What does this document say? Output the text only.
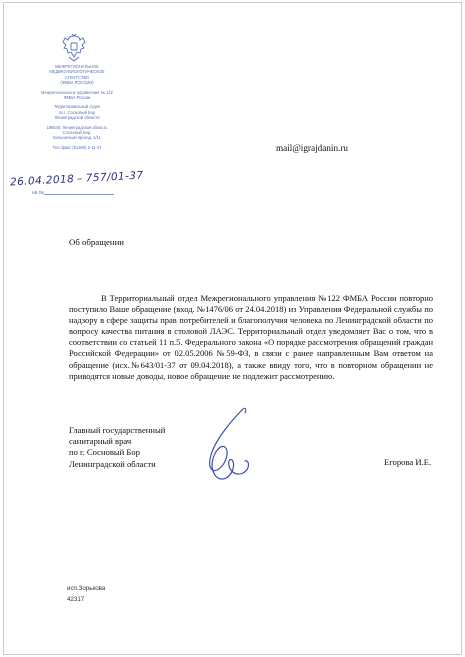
МЕЖРЕГИОНАЛЬНОЕ
МЕДИКО-БИОЛОГИЧЕСКОЕ
АГЕНТСТВО
(ФМБА РОССИИ)
Межрегиональное управление № 122
ФМБА России
Территориальный отдел
по г. Сосновый Бор
Ленинградской области
188540, Ленинградская область
Сосновый Бор,
Больничный проезд, 1/11
Тел./факс (81369) 2-11-47
26.04.2018 – 757/01-37
на №
mail@igrajdanin.ru
Об обращении

В Территориальный отдел Межрегионального управления №122 ФМБА России повторно поступило Ваше обращение (вход. №1476/06 от 24.04.2018) из Управления Федеральной службы по надзору в сфере защиты прав потребителей и благополучия человека по Ленинградской области по вопросу качества питания в столовой ЛАЭС. Территориальный отдел уведомляет Вас о том, что в соответствии со статьей 11 п.5. Федерального закона «О порядке рассмотрения обращений граждан Российской Федерации» от 02.05.2006 №59-ФЗ, в связи с ранее направленным Вам ответом на обращение (исх.№643/01-37 от 09.04.2018), а также ввиду того, что в повторном обращении не приводятся новые доводы, новое обращение не подлежит рассмотрению.

Главный государственный
санитарный врач
по г. Сосновый Бор
Ленинградской области	Егорова И.Е.
исп.Зорькова
42317
